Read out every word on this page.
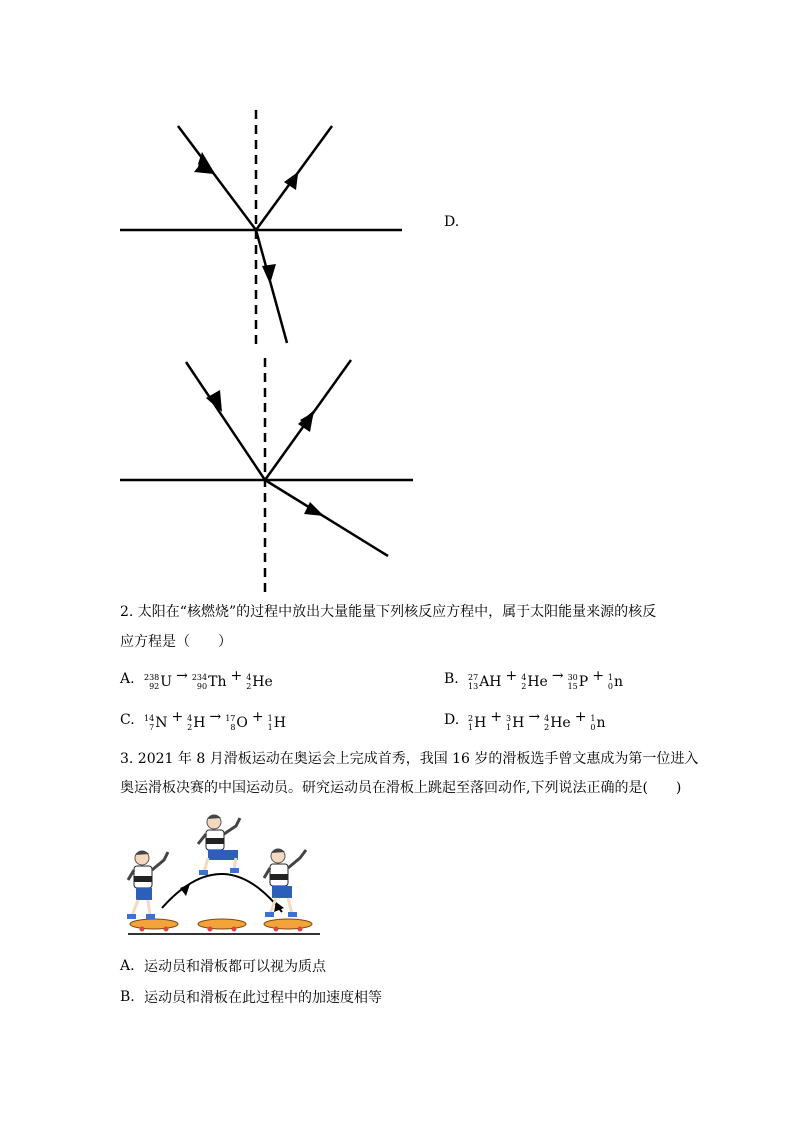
D.
2. 太阳在“核燃烧”的过程中放出大量能量下列核反应方程中，属于太阳能量来源的核反
应方程是（　　）
A.	238
92 U → 234
90 Th + 4
2 He	B.	27
13 AH + 4
2 He → 30
15 P + 1
0 n
C.	14
7 N + 4
2 H → 17
8 O + 1
1 H	D.	2
1 H + 3
1 H → 4
2 He + 1
0 n
3. 2021 年 8 月滑板运动在奥运会上完成首秀，我国 16 岁的滑板选手曾文惠成为第一位进入
奥运滑板决赛的中国运动员。研究运动员在滑板上跳起至落回动作,下列说法正确的是(　　)
A. 运动员和滑板都可以视为质点
B. 运动员和滑板在此过程中的加速度相等
